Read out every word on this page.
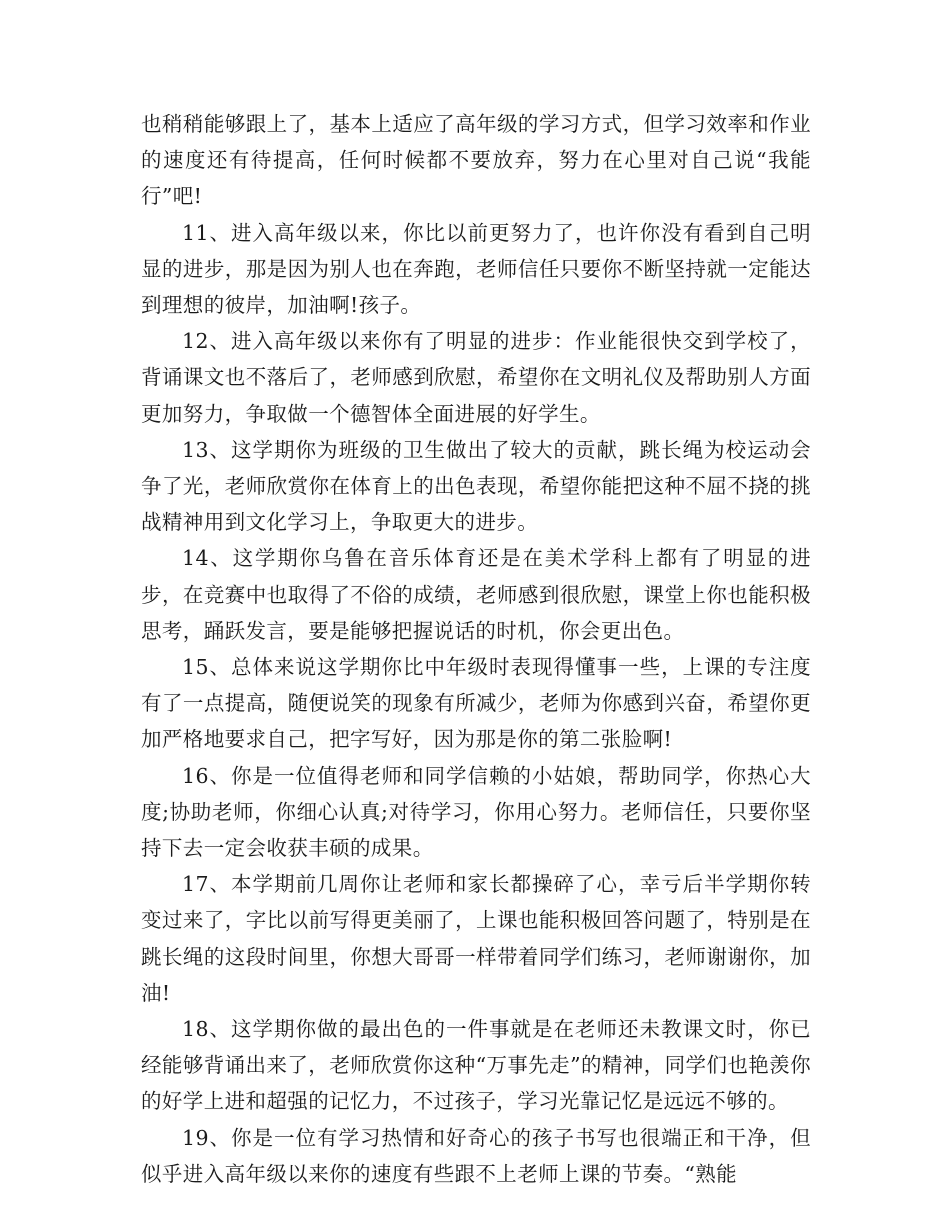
也稍稍能够跟上了，基本上适应了高年级的学习方式，但学习效率和作业的速度还有待提高，任何时候都不要放弃，努力在心里对自己说“我能行”吧!

11、进入高年级以来，你比以前更努力了，也许你没有看到自己明显的进步，那是因为别人也在奔跑，老师信任只要你不断坚持就一定能达到理想的彼岸，加油啊!孩子。

12、进入高年级以来你有了明显的进步：作业能很快交到学校了，背诵课文也不落后了，老师感到欣慰，希望你在文明礼仪及帮助别人方面更加努力，争取做一个德智体全面进展的好学生。

13、这学期你为班级的卫生做出了较大的贡献，跳长绳为校运动会争了光，老师欣赏你在体育上的出色表现，希望你能把这种不屈不挠的挑战精神用到文化学习上，争取更大的进步。

14、这学期你乌鲁在音乐体育还是在美术学科上都有了明显的进步，在竞赛中也取得了不俗的成绩，老师感到很欣慰，课堂上你也能积极思考，踊跃发言，要是能够把握说话的时机，你会更出色。

15、总体来说这学期你比中年级时表现得懂事一些，上课的专注度有了一点提高，随便说笑的现象有所减少，老师为你感到兴奋，希望你更加严格地要求自己，把字写好，因为那是你的第二张脸啊!

16、你是一位值得老师和同学信赖的小姑娘，帮助同学，你热心大度;协助老师，你细心认真;对待学习，你用心努力。老师信任，只要你坚持下去一定会收获丰硕的成果。

17、本学期前几周你让老师和家长都操碎了心，幸亏后半学期你转变过来了，字比以前写得更美丽了，上课也能积极回答问题了，特别是在跳长绳的这段时间里，你想大哥哥一样带着同学们练习，老师谢谢你，加油!

18、这学期你做的最出色的一件事就是在老师还未教课文时，你已经能够背诵出来了，老师欣赏你这种“万事先走”的精神，同学们也艳羡你的好学上进和超强的记忆力，不过孩子，学习光靠记忆是远远不够的。

19、你是一位有学习热情和好奇心的孩子书写也很端正和干净，但似乎进入高年级以来你的速度有些跟不上老师上课的节奏。“熟能
